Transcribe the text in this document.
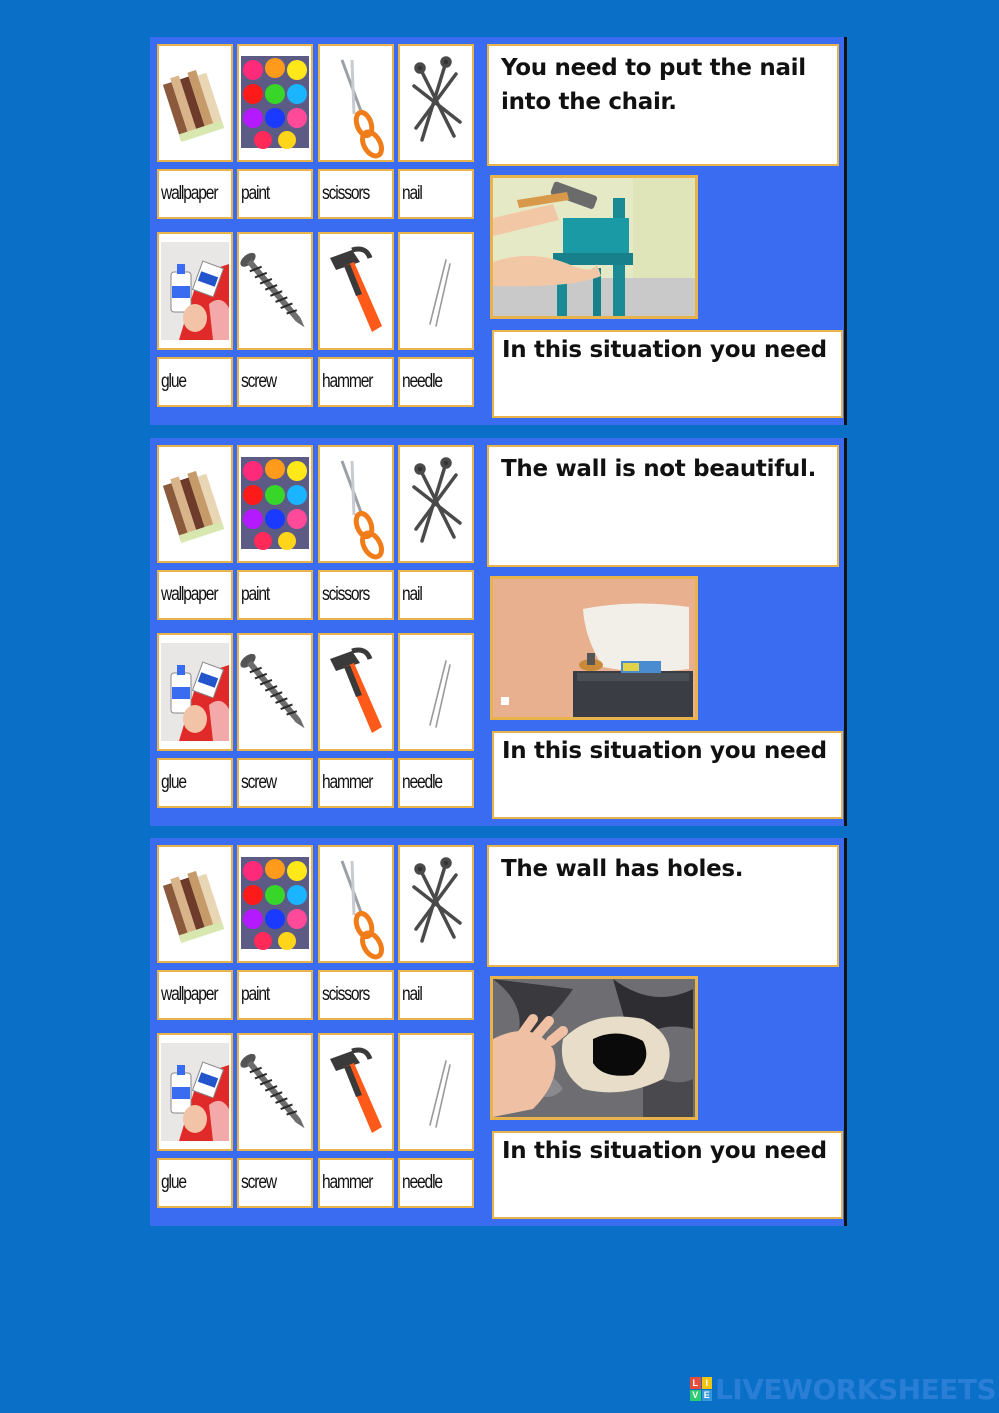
wallpaper paint	scissors nail
glue	screw hammer needle
You need to put the nail into the chair.
In this situation you need
wallpaper paint	scissors nail
glue	screw hammer needle
The wall is not beautiful.
In this situation you need
wallpaper paint	scissors nail
glue	screw hammer needle
The wall has holes.
In this situation you need
L I
V E LIVEWORKSHEETS
